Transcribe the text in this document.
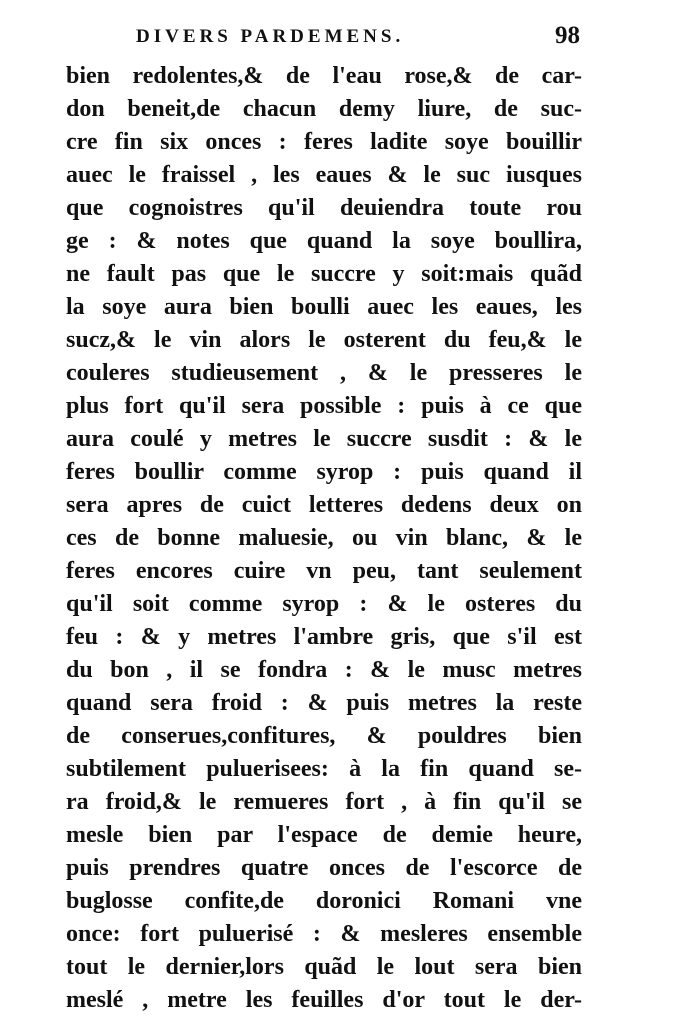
DIVERS PARDEMENS.	98
bien redolentes,& de l'eau rose,& de car-
don beneit,de chacun demy liure, de suc-
cre fin six onces : feres ladite soye bouillir
auec le fraissel , les eaues & le suc iusques
que cognoistres qu'il deuiendra toute rou
ge : & notes que quand la soye boullira,
ne fault pas que le succre y soit:mais quãd
la soye aura bien boulli auec les eaues, les
sucz,& le vin alors le osterent du feu,& le
couleres studieusement , & le presseres le
plus fort qu'il sera possible : puis à ce que
aura coulé y metres le succre susdit : & le
feres boullir comme syrop : puis quand il
sera apres de cuict letteres dedens deux on
ces de bonne maluesie, ou vin blanc, & le
feres encores cuire vn peu, tant seulement
qu'il soit comme syrop : & le osteres du
feu : & y metres l'ambre gris, que s'il est
du bon , il se fondra : & le musc metres
quand sera froid : & puis metres la reste
de conserues,confitures, & pouldres bien
subtilement puluerisees: à la fin quand se-
ra froid,& le remueres fort , à fin qu'il se
mesle bien par l'espace de demie heure,
puis prendres quatre onces de l'escorce de
buglosse confite,de doronici Romani vne
once: fort puluerisé : & mesleres ensemble
tout le dernier,lors quãd le lout sera bien
meslé , metre les feuilles d'or tout le der-
